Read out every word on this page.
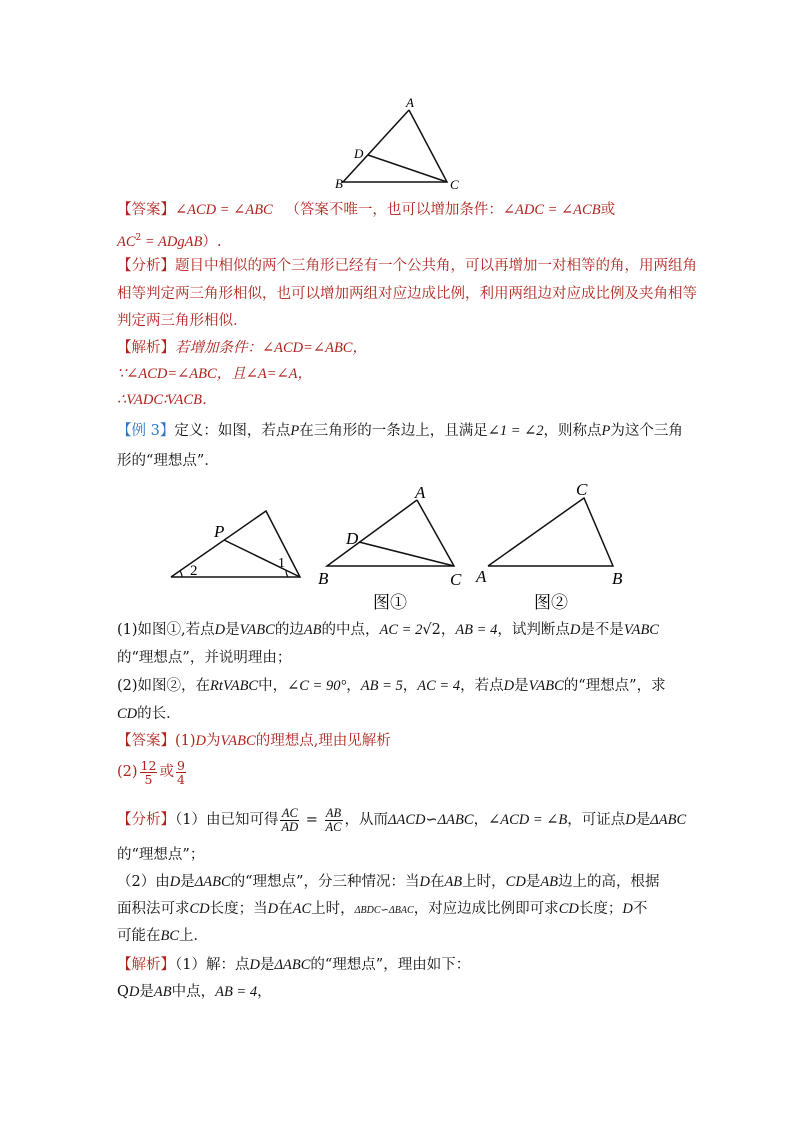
A
B	C
D
【答案】∠ACD = ∠ABC （答案不唯一，也可以增加条件：∠ADC = ∠ACB或
$AC^2$ = ADgAB）.
【分析】题目中相似的两个三角形已经有一个公共角，可以再增加一对相等的角，用两组角
相等判定两三角形相似，也可以增加两组对应边成比例，利用两组边对应成比例及夹角相等
判定两三角形相似．
【解析】若增加条件：∠ACD=∠ABC，
∵∠ACD=∠ABC，且∠A=∠A，
∴VADC∶VACB．
【例 3】定义：如图，若点P在三角形的一条边上，且满足∠1 = ∠2，则称点P为这个三角
形的“理想点”．
P
1
2
A
B	C
D
图①
C
A	B
图②
(1)如图①,若点D是VABC的边AB的中点，AC = 2√2，AB = 4，试判断点D是不是VABC
的“理想点”，并说明理由；
(2)如图②，在RtVABC中，∠C = 90°，AB = 5，AC = 4，若点D是VABC的“理想点”，求
CD的长．
【答案】(1)D为VABC的理想点,理由见解析
$(2) \frac{12}{5}$ 或 $\frac{9}{4}$
【分析】（1）由已知可得 $\frac{AC}{AD} = \frac{AB}{AC}$ ，从而ΔACD∽ΔABC，∠ACD = ∠B，可证点D是ΔABC
的“理想点”；
（2）由D是ΔABC的“理想点”，分三种情况：当D在AB上时，CD是AB边上的高，根据
面积法可求CD长度；当D在AC上时，ΔBDC∽ΔBAC，对应边成比例即可求CD长度；D不
可能在BC上．
【解析】（1）解：点D是ΔABC的“理想点”，理由如下：
QD是AB中点，AB = 4，
